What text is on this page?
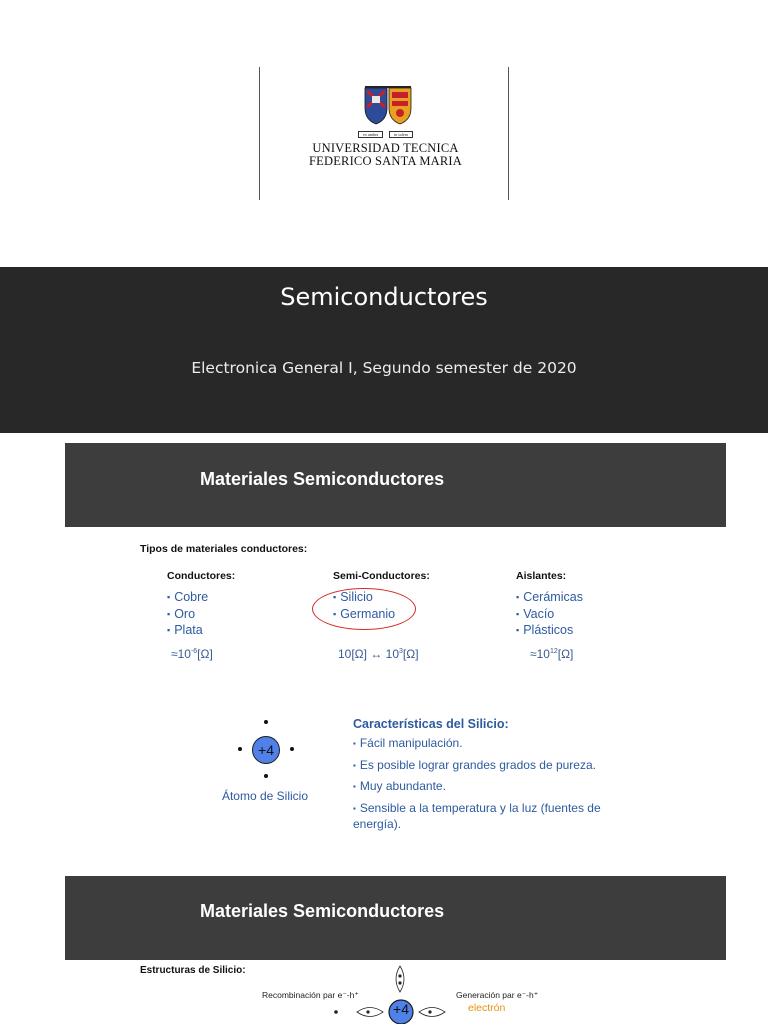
ex umbra	in solem
UNIVERSIDAD TECNICA
FEDERICO SANTA MARIA
Semiconductores
Electronica General I, Segundo semester de 2020
Materiales Semiconductores
Tipos de materiales conductores:
Conductores:
▪ Cobre
▪ Oro
▪ Plata
$\approx 10^{-6}[\Omega]$
Semi-Conductores:
▪ Silicio
▪ Germanio
10[Ω] ↔ $10^3[\Omega]$
Aislantes:
▪ Cerámicas
▪ Vacío
▪ Plásticos
$\approx 10^{12}[\Omega]$
+4
Átomo de Silicio
Características del Silicio:
▪ Fácil manipulación.
▪ Es posible lograr grandes grados de pureza.
▪ Muy abundante.
▪ Sensible a la temperatura y la luz (fuentes de energía).
Materiales Semiconductores
Estructuras de Silicio:
Recombinación par e⁻-h⁺	Generación par e⁻-h⁺
electrón
+4
